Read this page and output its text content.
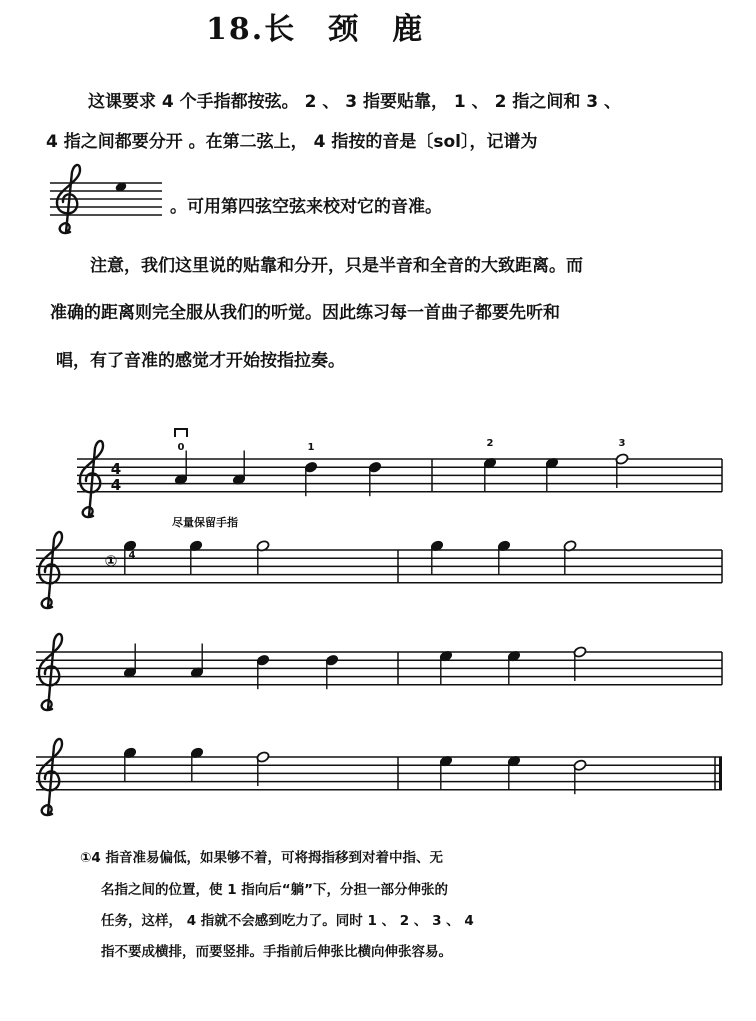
18.长　颈　鹿
这课要求 4 个手指都按弦。 2 、 3 指要贴靠， 1 、 2 指之间和 3 、
4 指之间都要分开 。在第二弦上， 4 指按的音是〔sol〕，记谱为
。可用第四弦空弦来校对它的音准。
注意，我们这里说的贴靠和分开，只是半音和全音的大致距离。而
准确的距离则完全服从我们的听觉。因此练习每一首曲子都要先听和
唱，有了音准的感觉才开始按指拉奏。
4
4
0	1	2	3
① 4
尽量保留手指
①4 指音准易偏低，如果够不着，可将拇指移到对着中指、无
名指之间的位置，使 1 指向后“躺”下，分担一部分伸张的
任务，这样， 4 指就不会感到吃力了。同时 1 、 2 、 3 、 4
指不要成横排，而要竖排。手指前后伸张比横向伸张容易。
